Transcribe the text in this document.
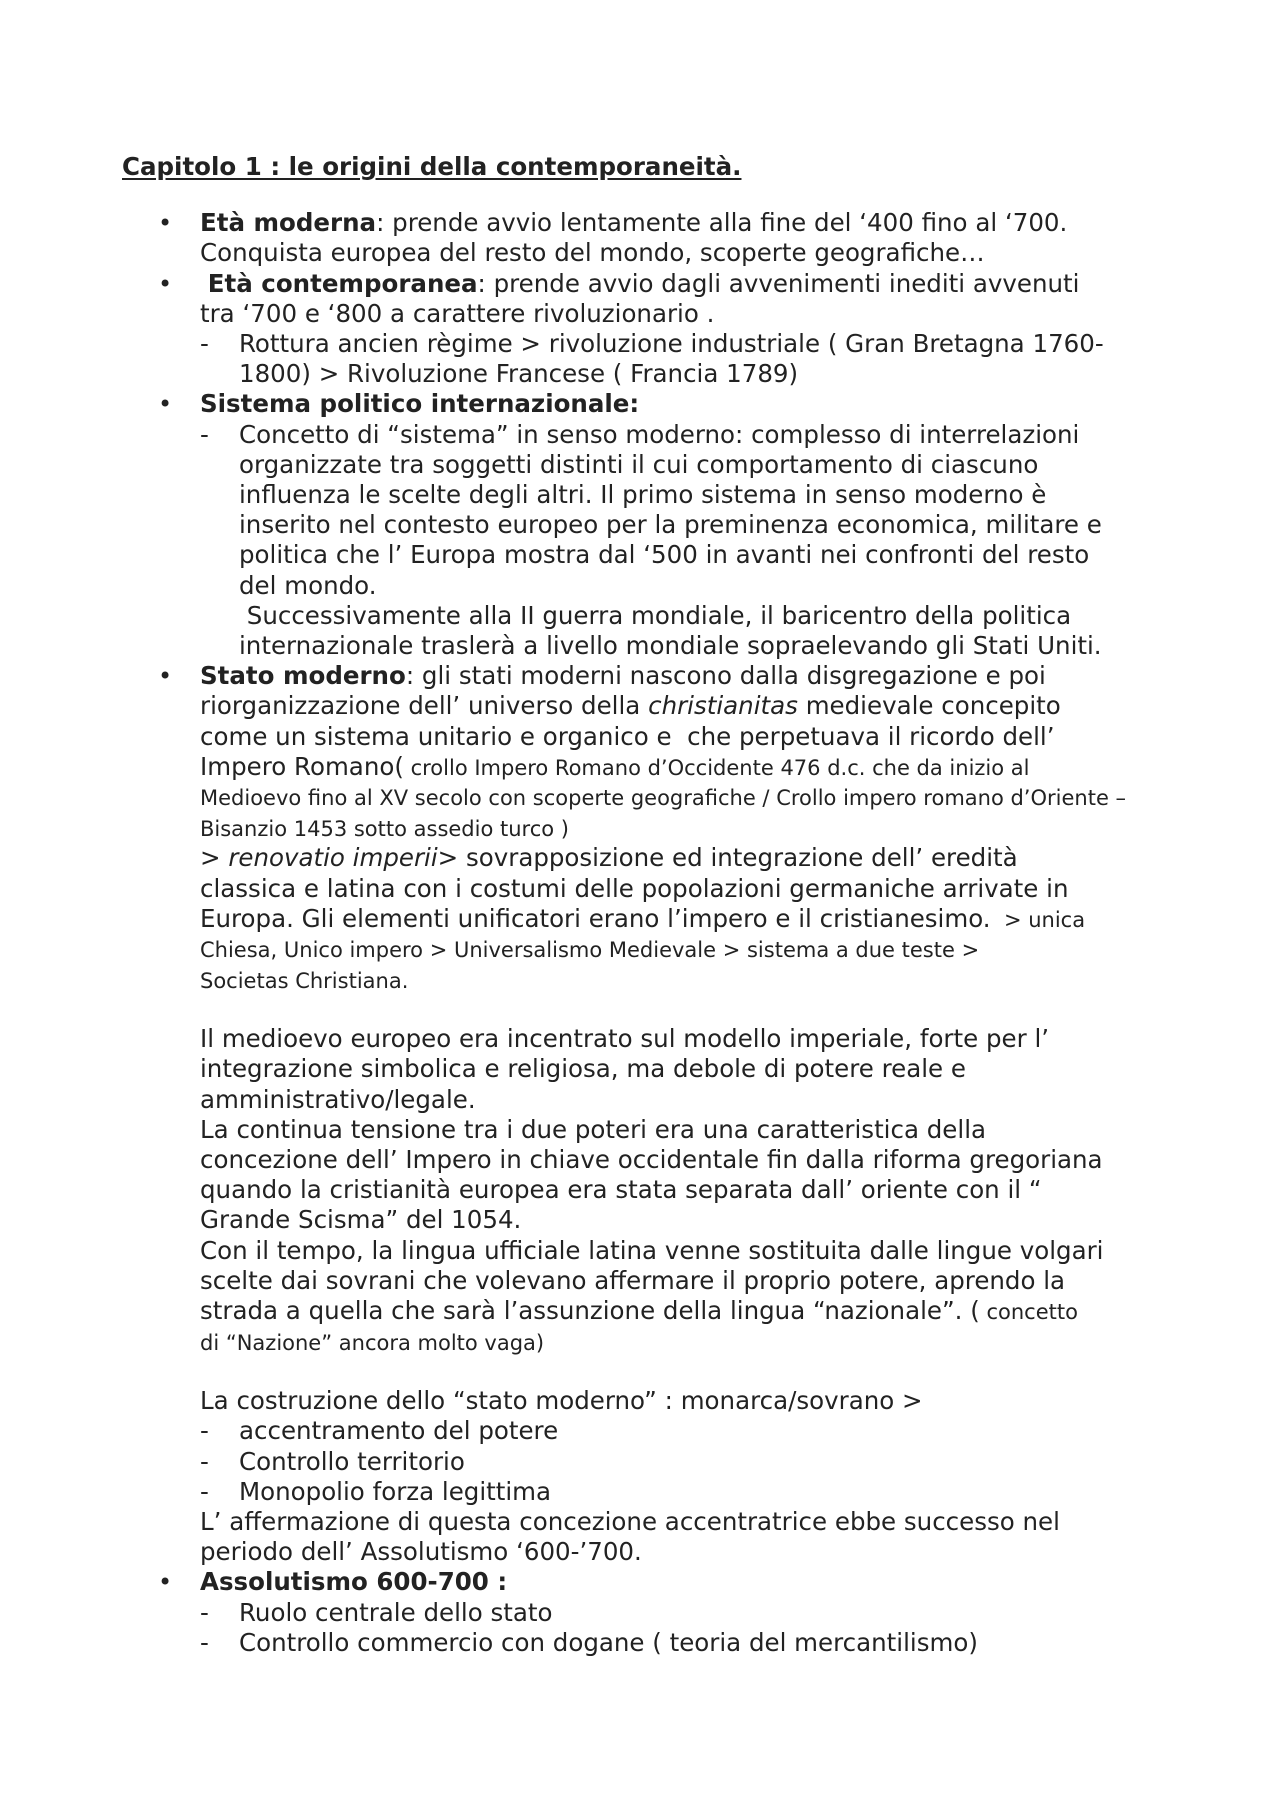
Capitolo 1 : le origini della contemporaneità.
• Età moderna: prende avvio lentamente alla fine del ‘400 fino al ‘700.
Conquista europea del resto del mondo, scoperte geografiche…
• Età contemporanea: prende avvio dagli avvenimenti inediti avvenuti
tra ‘700 e ‘800 a carattere rivoluzionario .
- Rottura ancien règime > rivoluzione industriale ( Gran Bretagna 1760-
1800) > Rivoluzione Francese ( Francia 1789)
• Sistema politico internazionale:
- Concetto di “sistema” in senso moderno: complesso di interrelazioni
organizzate tra soggetti distinti il cui comportamento di ciascuno
influenza le scelte degli altri. Il primo sistema in senso moderno è
inserito nel contesto europeo per la preminenza economica, militare e
politica che l’ Europa mostra dal ‘500 in avanti nei confronti del resto
del mondo.
Successivamente alla II guerra mondiale, il baricentro della politica
internazionale traslerà a livello mondiale sopraelevando gli Stati Uniti.
• Stato moderno: gli stati moderni nascono dalla disgregazione e poi
riorganizzazione dell’ universo della christianitas medievale concepito
come un sistema unitario e organico e  che perpetuava il ricordo dell’
Impero Romano( crollo Impero Romano d’Occidente 476 d.c. che da inizio al
Medioevo fino al XV secolo con scoperte geografiche / Crollo impero romano d’Oriente –
Bisanzio 1453 sotto assedio turco )
> renovatio imperii> sovrapposizione ed integrazione dell’ eredità
classica e latina con i costumi delle popolazioni germaniche arrivate in
Europa. Gli elementi unificatori erano l’impero e il cristianesimo.  > unica
Chiesa, Unico impero > Universalismo Medievale > sistema a due teste >
Societas Christiana.
Il medioevo europeo era incentrato sul modello imperiale, forte per l’
integrazione simbolica e religiosa, ma debole di potere reale e
amministrativo/legale.
La continua tensione tra i due poteri era una caratteristica della
concezione dell’ Impero in chiave occidentale fin dalla riforma gregoriana
quando la cristianità europea era stata separata dall’ oriente con il “
Grande Scisma” del 1054.
Con il tempo, la lingua ufficiale latina venne sostituita dalle lingue volgari
scelte dai sovrani che volevano affermare il proprio potere, aprendo la
strada a quella che sarà l’assunzione della lingua “nazionale”. ( concetto
di “Nazione” ancora molto vaga)
La costruzione dello “stato moderno” : monarca/sovrano >
- accentramento del potere
- Controllo territorio
- Monopolio forza legittima
L’ affermazione di questa concezione accentratrice ebbe successo nel
periodo dell’ Assolutismo ‘600-’700.
• Assolutismo 600-700 :
- Ruolo centrale dello stato
- Controllo commercio con dogane ( teoria del mercantilismo)
